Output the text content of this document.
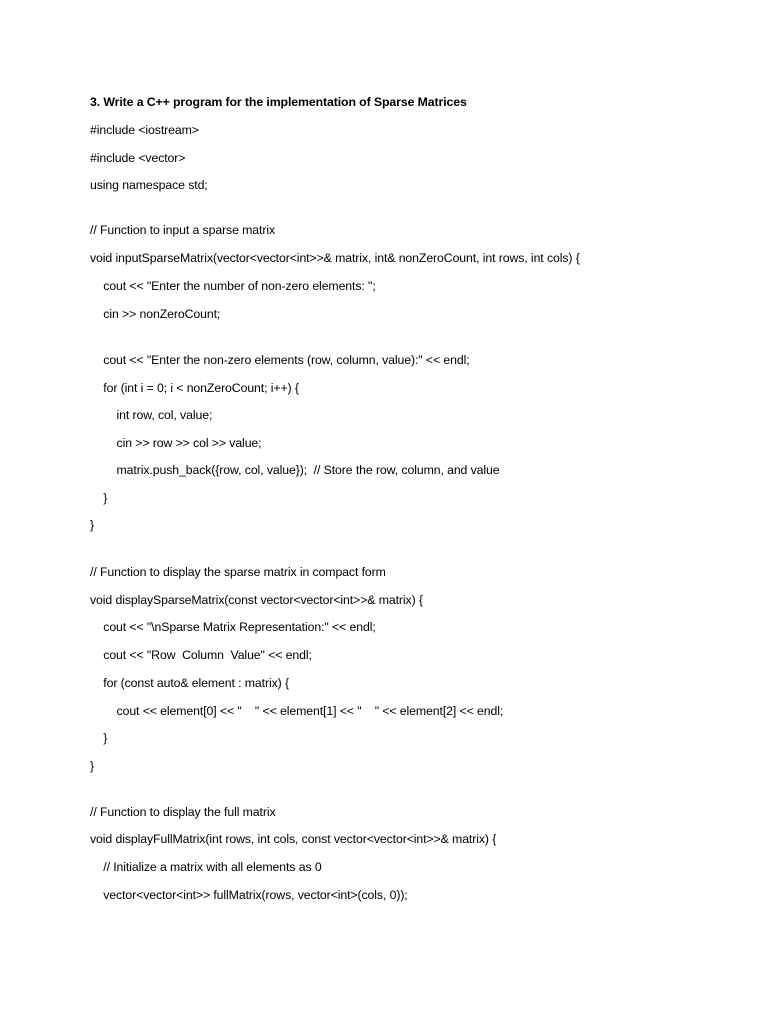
3. Write a C++ program for the implementation of Sparse Matrices
#include <iostream>
#include <vector>
using namespace std;
// Function to input a sparse matrix
void inputSparseMatrix(vector<vector<int>>& matrix, int& nonZeroCount, int rows, int cols) {
cout << "Enter the number of non-zero elements: ";
cin >> nonZeroCount;
cout << "Enter the non-zero elements (row, column, value):" << endl;
for (int i = 0; i < nonZeroCount; i++) {
int row, col, value;
cin >> row >> col >> value;
matrix.push_back({row, col, value});  // Store the row, column, and value
}
}
// Function to display the sparse matrix in compact form
void displaySparseMatrix(const vector<vector<int>>& matrix) {
cout << "\nSparse Matrix Representation:" << endl;
cout << "Row  Column  Value" << endl;
for (const auto& element : matrix) {
cout << element[0] << "    " << element[1] << "    " << element[2] << endl;
}
}
// Function to display the full matrix
void displayFullMatrix(int rows, int cols, const vector<vector<int>>& matrix) {
// Initialize a matrix with all elements as 0
vector<vector<int>> fullMatrix(rows, vector<int>(cols, 0));
